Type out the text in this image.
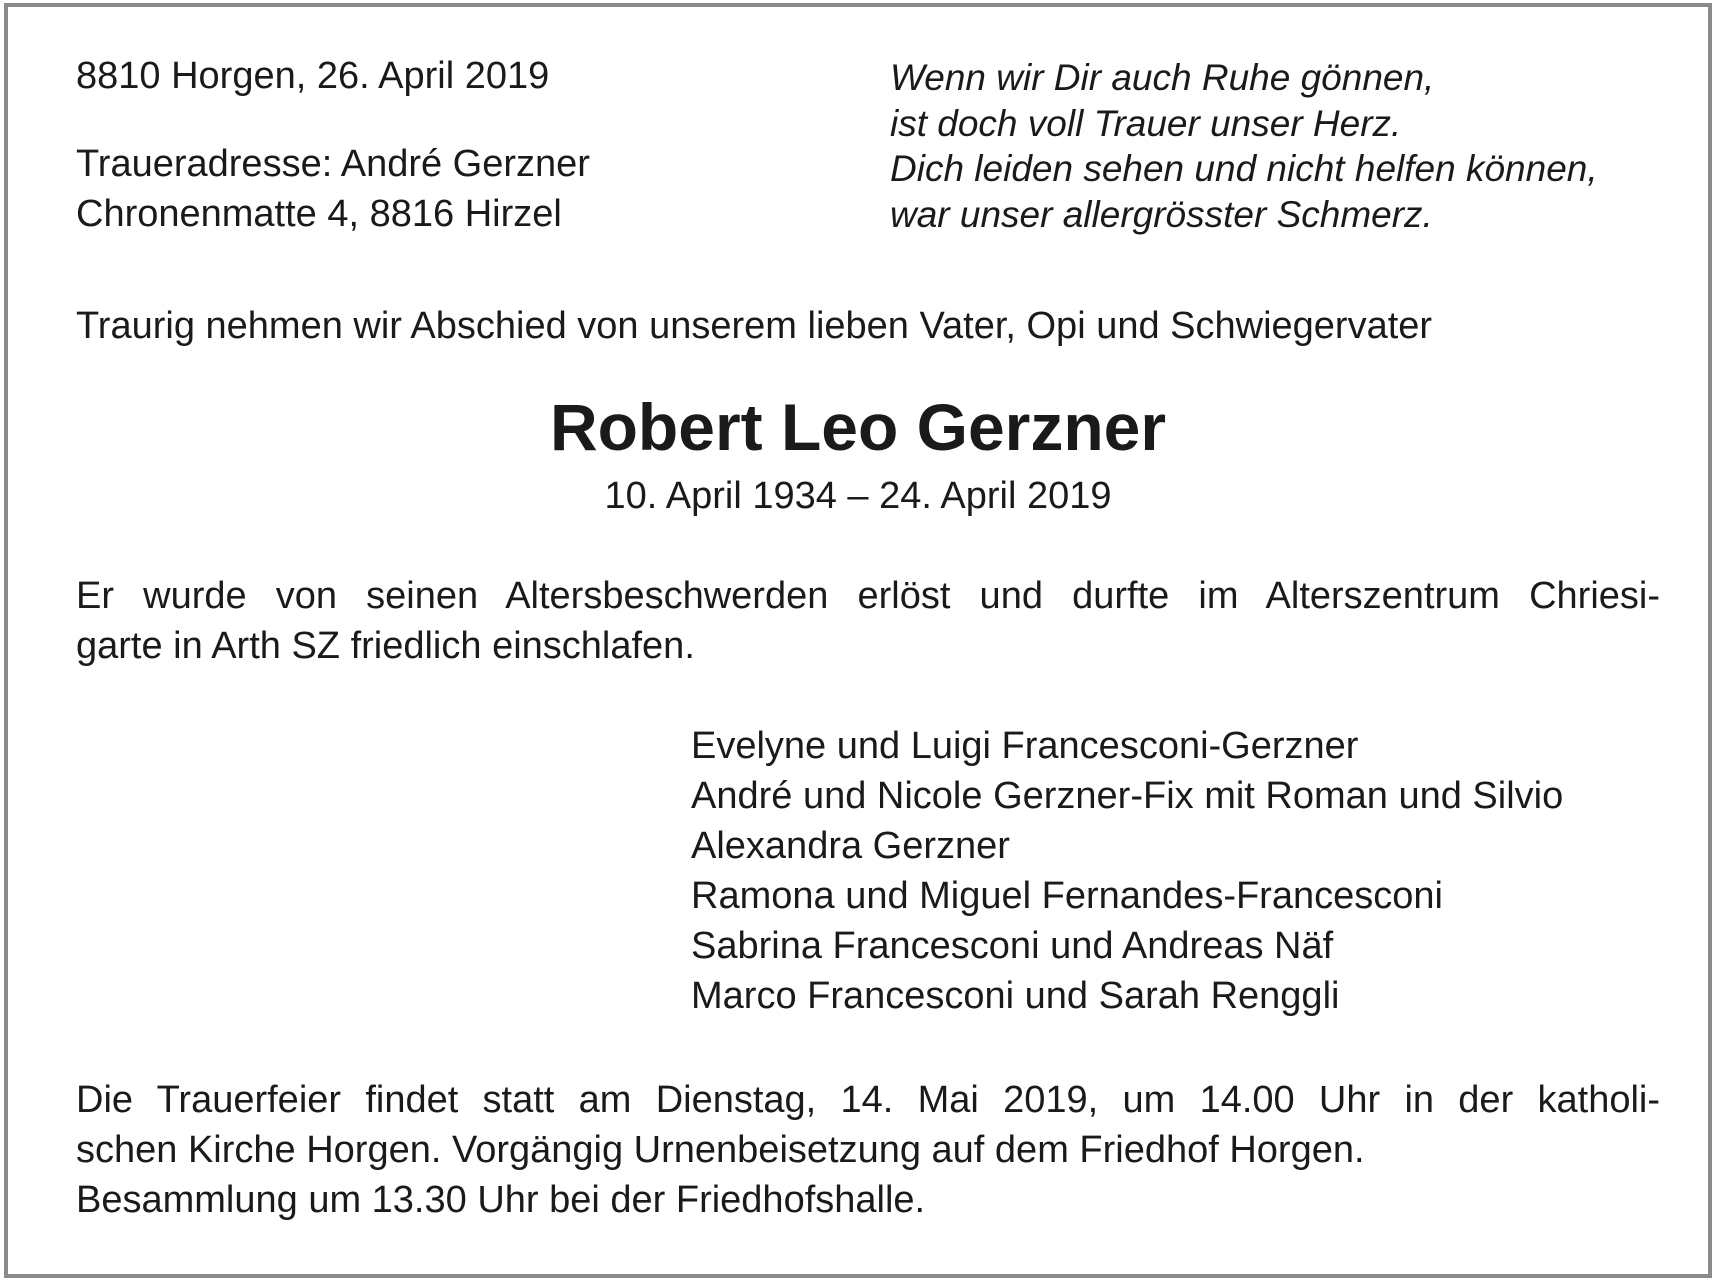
8810 Horgen, 26. April 2019
Traueradresse: André Gerzner
Chronenmatte 4, 8816 Hirzel
Wenn wir Dir auch Ruhe gönnen,
ist doch voll Trauer unser Herz.
Dich leiden sehen und nicht helfen können,
war unser allergrösster Schmerz.
Traurig nehmen wir Abschied von unserem lieben Vater, Opi und Schwiegervater
Robert Leo Gerzner
10. April 1934 – 24. April 2019
Er wurde von seinen Altersbeschwerden erlöst und durfte im Alterszentrum Chriesi-
garte in Arth SZ friedlich einschlafen.
Evelyne und Luigi Francesconi-Gerzner
André und Nicole Gerzner-Fix mit Roman und Silvio
Alexandra Gerzner
Ramona und Miguel Fernandes-Francesconi
Sabrina Francesconi und Andreas Näf
Marco Francesconi und Sarah Renggli
Die Trauerfeier findet statt am Dienstag, 14. Mai 2019, um 14.00 Uhr in der katholi-
schen Kirche Horgen. Vorgängig Urnenbeisetzung auf dem Friedhof Horgen.
Besammlung um 13.30 Uhr bei der Friedhofshalle.
